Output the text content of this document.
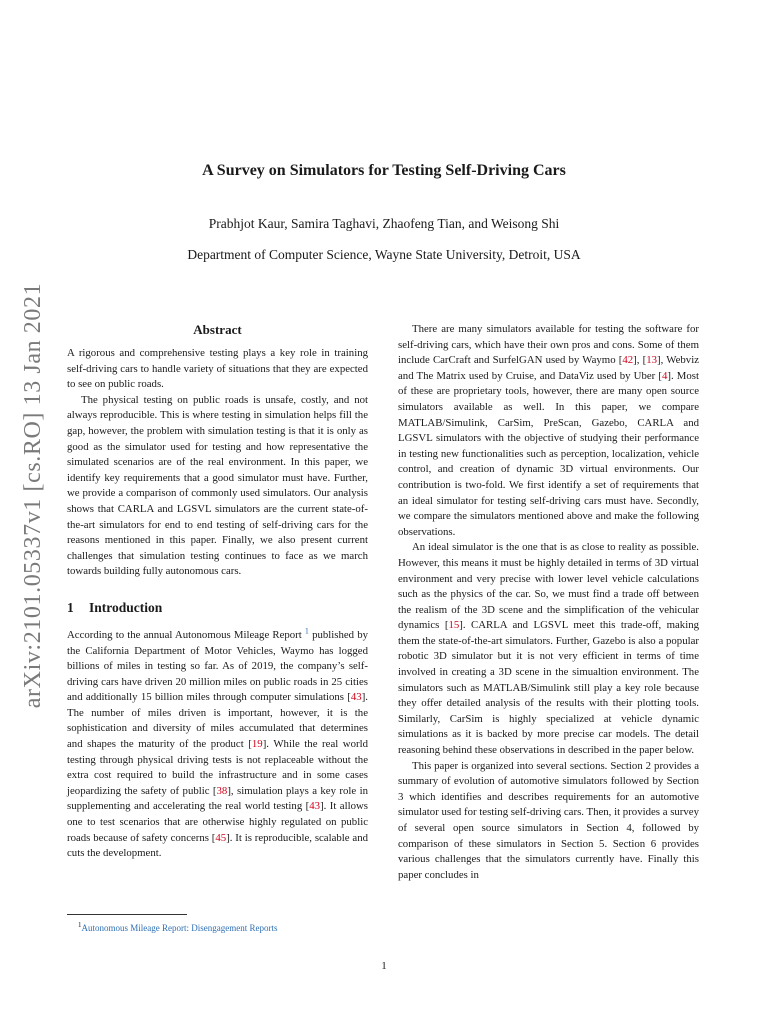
arXiv:2101.05337v1 [cs.RO] 13 Jan 2021
A Survey on Simulators for Testing Self-Driving Cars
Prabhjot Kaur, Samira Taghavi, Zhaofeng Tian, and Weisong Shi
Department of Computer Science, Wayne State University, Detroit, USA
Abstract

A rigorous and comprehensive testing plays a key role in training self-driving cars to handle variety of situations that they are expected to see on public roads.

The physical testing on public roads is unsafe, costly, and not always reproducible. This is where testing in simulation helps fill the gap, however, the problem with simulation testing is that it is only as good as the simulator used for testing and how representative the simulated scenarios are of the real environment. In this paper, we identify key requirements that a good simulator must have. Further, we provide a comparison of commonly used simulators. Our analysis shows that CARLA and LGSVL simulators are the current state-of-the-art simulators for end to end testing of self-driving cars for the reasons mentioned in this paper. Finally, we also present current challenges that simulation testing continues to face as we march towards building fully autonomous cars.

1 Introduction

According to the annual Autonomous Mileage Report $^1$ published by the California Department of Motor Vehicles, Waymo has logged billions of miles in testing so far. As of 2019, the company’s self-driving cars have driven 20 million miles on public roads in 25 cities and additionally 15 billion miles through computer simulations [43]. The number of miles driven is important, however, it is the sophistication and diversity of miles accumulated that determines and shapes the maturity of the product [19]. While the real world testing through physical driving tests is not replaceable without the extra cost required to build the infrastructure and in some cases jeopardizing the safety of public [38], simulation plays a key role in supplementing and accelerating the real world testing [43]. It allows one to test scenarios that are otherwise highly regulated on public roads because of safety concerns [45]. It is reproducible, scalable and cuts the development.

There are many simulators available for testing the software for self-driving cars, which have their own pros and cons. Some of them include CarCraft and SurfelGAN used by Waymo [42], [13], Webviz and The Matrix used by Cruise, and DataViz used by Uber [4]. Most of these are proprietary tools, however, there are many open source simulators available as well. In this paper, we compare MATLAB/Simulink, CarSim, PreScan, Gazebo, CARLA and LGSVL simulators with the objective of studying their performance in testing new functionalities such as perception, localization, vehicle control, and creation of dynamic 3D virtual environments. Our contribution is two-fold. We first identify a set of requirements that an ideal simulator for testing self-driving cars must have. Secondly, we compare the simulators mentioned above and make the following observations.

An ideal simulator is the one that is as close to reality as possible. However, this means it must be highly detailed in terms of 3D virtual environment and very precise with lower level vehicle calculations such as the physics of the car. So, we must find a trade off between the realism of the 3D scene and the simplification of the vehicular dynamics [15]. CARLA and LGSVL meet this trade-off, making them the state-of-the-art simulators. Further, Gazebo is also a popular robotic 3D simulator but it is not very efficient in terms of time involved in creating a 3D scene in the simualtion environment. The simulators such as MATLAB/Simulink still play a key role because they offer detailed analysis of the results with their plotting tools. Similarly, CarSim is highly specialized at vehicle dynamic simulations as it is backed by more precise car models. The detail reasoning behind these observations in described in the paper below.

This paper is organized into several sections. Section 2 provides a summary of evolution of automotive simulators followed by Section 3 which identifies and describes requirements for an automotive simulator used for testing self-driving cars. Then, it provides a survey of several open source simulators in Section 4, followed by comparison of these simulators in Section 5. Section 6 provides various challenges that the simulators currently have. Finally this paper concludes in

$^1$Autonomous Mileage Report: Disengagement Reports
1
